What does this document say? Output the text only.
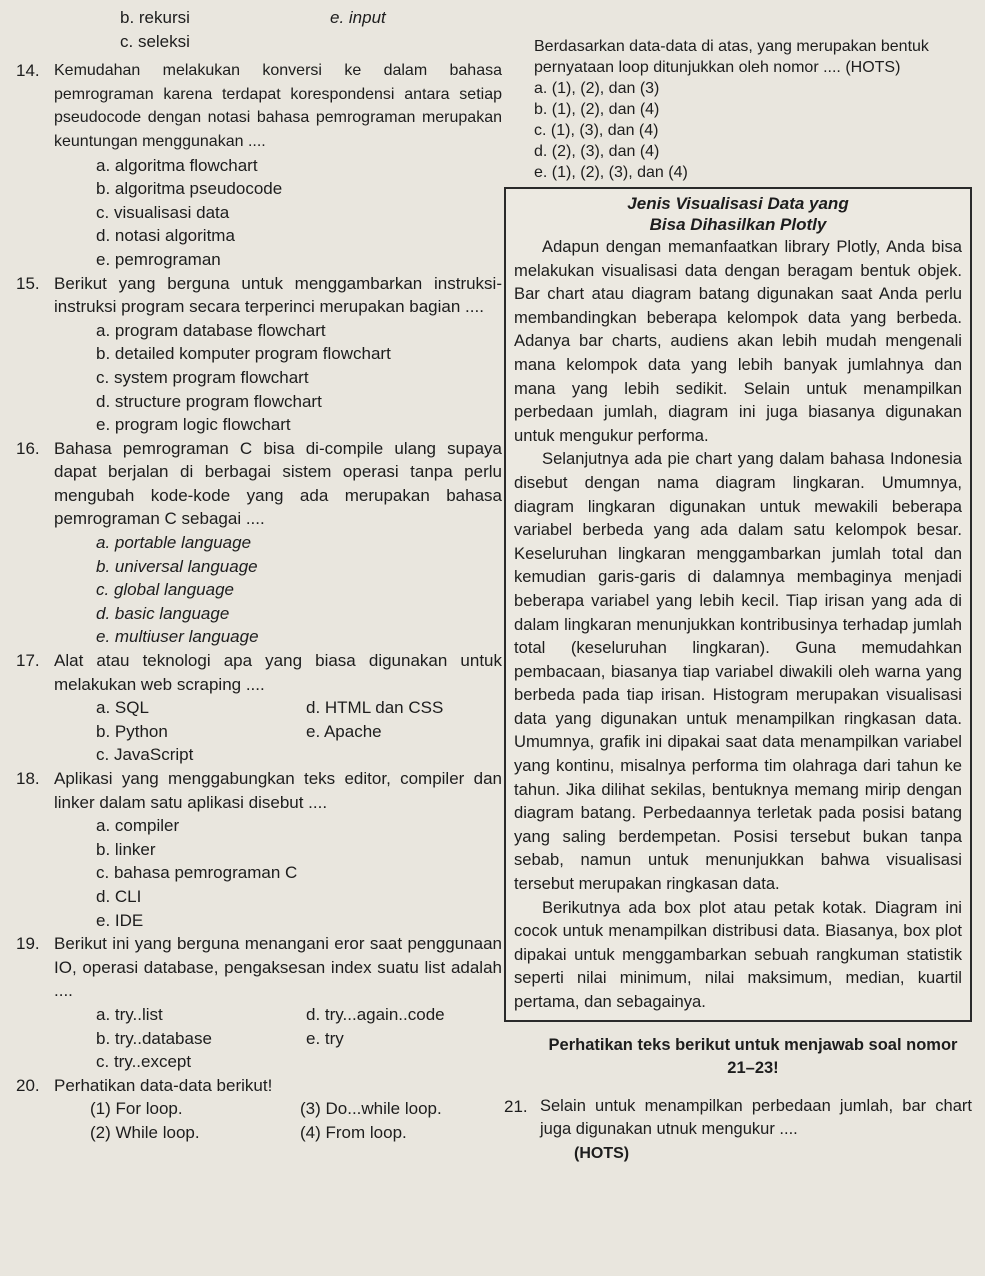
b. rekursi	e. input
c. seleksi
14. Kemudahan melakukan konversi ke dalam bahasa pemrograman karena terdapat korespondensi antara setiap pseudocode dengan notasi bahasa pemrograman merupakan keuntungan menggunakan ....
a. algoritma flowchart
b. algoritma pseudocode
c. visualisasi data
d. notasi algoritma
e. pemrograman
15. Berikut yang berguna untuk menggambarkan instruksi-instruksi program secara terperinci merupakan bagian ....
a. program database flowchart
b. detailed komputer program flowchart
c. system program flowchart
d. structure program flowchart
e. program logic flowchart
16. Bahasa pemrograman C bisa di-compile ulang supaya dapat berjalan di berbagai sistem operasi tanpa perlu mengubah kode-kode yang ada merupakan bahasa pemrograman C sebagai ....
a. portable language
b. universal language
c. global language
d. basic language
e. multiuser language
17. Alat atau teknologi apa yang biasa digunakan untuk melakukan web scraping ....
a. SQL	d. HTML dan CSS
b. Python	e. Apache
c. JavaScript
18. Aplikasi yang menggabungkan teks editor, compiler dan linker dalam satu aplikasi disebut ....
a. compiler
b. linker
c. bahasa pemrograman C
d. CLI
e. IDE
19. Berikut ini yang berguna menangani eror saat penggunaan IO, operasi database, pengaksesan index suatu list adalah ....
a. try..list	d. try...again..code
b. try..database	e. try
c. try..except
20. Perhatikan data-data berikut!
(1) For loop.	(3) Do...while loop.
(2) While loop.	(4) From loop.
Berdasarkan data-data di atas, yang merupakan bentuk pernyataan loop ditunjukkan oleh nomor .... (HOTS)
a. (1), (2), dan (3)
b. (1), (2), dan (4)
c. (1), (3), dan (4)
d. (2), (3), dan (4)
e. (1), (2), (3), dan (4)
Jenis Visualisasi Data yang
Bisa Dihasilkan Plotly

Adapun dengan memanfaatkan library Plotly, Anda bisa melakukan visualisasi data dengan beragam bentuk objek. Bar chart atau diagram batang digunakan saat Anda perlu membandingkan beberapa kelompok data yang berbeda. Adanya bar charts, audiens akan lebih mudah mengenali mana kelompok data yang lebih banyak jumlahnya dan mana yang lebih sedikit. Selain untuk menampilkan perbedaan jumlah, diagram ini juga biasanya digunakan untuk mengukur performa.

Selanjutnya ada pie chart yang dalam bahasa Indonesia disebut dengan nama diagram lingkaran. Umumnya, diagram lingkaran digunakan untuk mewakili beberapa variabel berbeda yang ada dalam satu kelompok besar. Keseluruhan lingkaran menggambarkan jumlah total dan kemudian garis-garis di dalamnya membaginya menjadi beberapa variabel yang lebih kecil. Tiap irisan yang ada di dalam lingkaran menunjukkan kontribusinya terhadap jumlah total (keseluruhan lingkaran). Guna memudahkan pembacaan, biasanya tiap variabel diwakili oleh warna yang berbeda pada tiap irisan. Histogram merupakan visualisasi data yang digunakan untuk menampilkan ringkasan data. Umumnya, grafik ini dipakai saat data menampilkan variabel yang kontinu, misalnya performa tim olahraga dari tahun ke tahun. Jika dilihat sekilas, bentuknya memang mirip dengan diagram batang. Perbedaannya terletak pada posisi batang yang saling berdempetan. Posisi tersebut bukan tanpa sebab, namun untuk menunjukkan bahwa visualisasi tersebut merupakan ringkasan data.

Berikutnya ada box plot atau petak kotak. Diagram ini cocok untuk menampilkan distribusi data. Biasanya, box plot dipakai untuk menggambarkan sebuah rangkuman statistik seperti nilai minimum, nilai maksimum, median, kuartil pertama, dan sebagainya.

Perhatikan teks berikut untuk menjawab soal nomor 21–23!
21. Selain untuk menampilkan perbedaan jumlah, bar chart juga digunakan utnuk mengukur ....
(HOTS)
